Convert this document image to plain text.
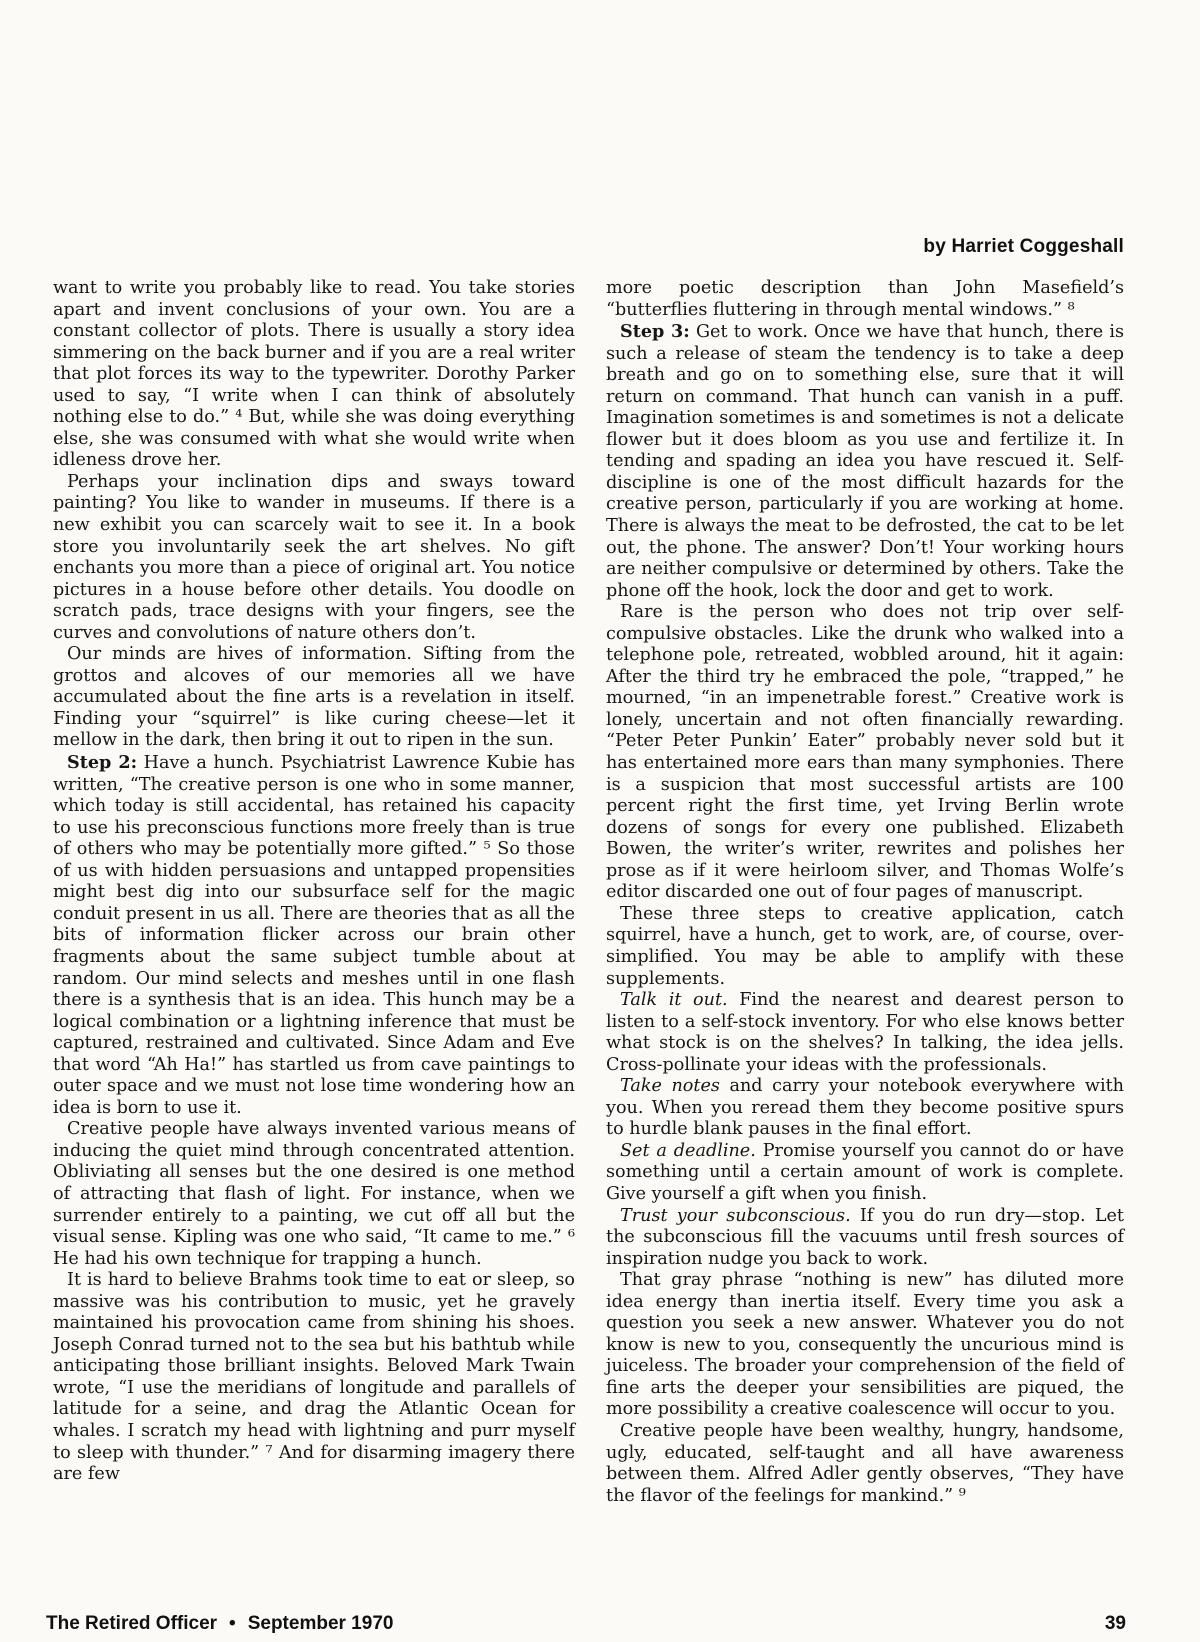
by Harriet Coggeshall

want to write you probably like to read. You take stories apart and invent conclusions of your own. You are a constant collector of plots. There is usually a story idea simmering on the back burner and if you are a real writer that plot forces its way to the typewriter. Dorothy Parker used to say, “I write when I can think of absolutely nothing else to do.” ⁴ But, while she was doing everything else, she was consumed with what she would write when idleness drove her.

Perhaps your inclination dips and sways toward painting? You like to wander in museums. If there is a new exhibit you can scarcely wait to see it. In a book store you involuntarily seek the art shelves. No gift enchants you more than a piece of original art. You notice pictures in a house before other details. You doodle on scratch pads, trace designs with your fingers, see the curves and convolutions of nature others don’t.

Our minds are hives of information. Sifting from the grottos and alcoves of our memories all we have accumulated about the fine arts is a revelation in itself. Finding your “squirrel” is like curing cheese—let it mellow in the dark, then bring it out to ripen in the sun.

Step 2: Have a hunch. Psychiatrist Lawrence Kubie has written, “The creative person is one who in some manner, which today is still accidental, has retained his capacity to use his preconscious functions more freely than is true of others who may be potentially more gifted.” ⁵ So those of us with hidden persuasions and untapped propensities might best dig into our subsurface self for the magic conduit present in us all. There are theories that as all the bits of information flicker across our brain other fragments about the same subject tumble about at random. Our mind selects and meshes until in one flash there is a synthesis that is an idea. This hunch may be a logical combination or a lightning inference that must be captured, restrained and cultivated. Since Adam and Eve that word “Ah Ha!” has startled us from cave paintings to outer space and we must not lose time wondering how an idea is born to use it.

Creative people have always invented various means of inducing the quiet mind through concentrated attention. Obliviating all senses but the one desired is one method of attracting that flash of light. For instance, when we surrender entirely to a painting, we cut off all but the visual sense. Kipling was one who said, “It came to me.” ⁶ He had his own technique for trapping a hunch.

It is hard to believe Brahms took time to eat or sleep, so massive was his contribution to music, yet he gravely maintained his provocation came from shining his shoes. Joseph Conrad turned not to the sea but his bathtub while anticipating those brilliant insights. Beloved Mark Twain wrote, “I use the meridians of longitude and parallels of latitude for a seine, and drag the Atlantic Ocean for whales. I scratch my head with lightning and purr myself to sleep with thunder.” ⁷ And for disarming imagery there are few

more poetic description than John Masefield’s “butterflies fluttering in through mental windows.” ⁸

Step 3: Get to work. Once we have that hunch, there is such a release of steam the tendency is to take a deep breath and go on to something else, sure that it will return on command. That hunch can vanish in a puff. Imagination sometimes is and sometimes is not a delicate flower but it does bloom as you use and fertilize it. In tending and spading an idea you have rescued it. Self-discipline is one of the most difficult hazards for the creative person, particularly if you are working at home. There is always the meat to be defrosted, the cat to be let out, the phone. The answer? Don’t! Your working hours are neither compulsive or determined by others. Take the phone off the hook, lock the door and get to work.

Rare is the person who does not trip over self-compulsive obstacles. Like the drunk who walked into a telephone pole, retreated, wobbled around, hit it again: After the third try he embraced the pole, “trapped,” he mourned, “in an impenetrable forest.” Creative work is lonely, uncertain and not often financially rewarding. “Peter Peter Punkin’ Eater” probably never sold but it has entertained more ears than many symphonies. There is a suspicion that most successful artists are 100 percent right the first time, yet Irving Berlin wrote dozens of songs for every one published. Elizabeth Bowen, the writer’s writer, rewrites and polishes her prose as if it were heirloom silver, and Thomas Wolfe’s editor discarded one out of four pages of manuscript.

These three steps to creative application, catch squirrel, have a hunch, get to work, are, of course, over-simplified. You may be able to amplify with these supplements.

Talk it out. Find the nearest and dearest person to listen to a self-stock inventory. For who else knows better what stock is on the shelves? In talking, the idea jells. Cross-pollinate your ideas with the professionals.

Take notes and carry your notebook everywhere with you. When you reread them they become positive spurs to hurdle blank pauses in the final effort.

Set a deadline. Promise yourself you cannot do or have something until a certain amount of work is complete. Give yourself a gift when you finish.

Trust your subconscious. If you do run dry—stop. Let the subconscious fill the vacuums until fresh sources of inspiration nudge you back to work.

That gray phrase “nothing is new” has diluted more idea energy than inertia itself. Every time you ask a question you seek a new answer. Whatever you do not know is new to you, consequently the uncurious mind is juiceless. The broader your comprehension of the field of fine arts the deeper your sensibilities are piqued, the more possibility a creative coalescence will occur to you.

Creative people have been wealthy, hungry, handsome, ugly, educated, self-taught and all have awareness between them. Alfred Adler gently observes, “They have the flavor of the feelings for mankind.” ⁹

The Retired Officer • September 1970	39
